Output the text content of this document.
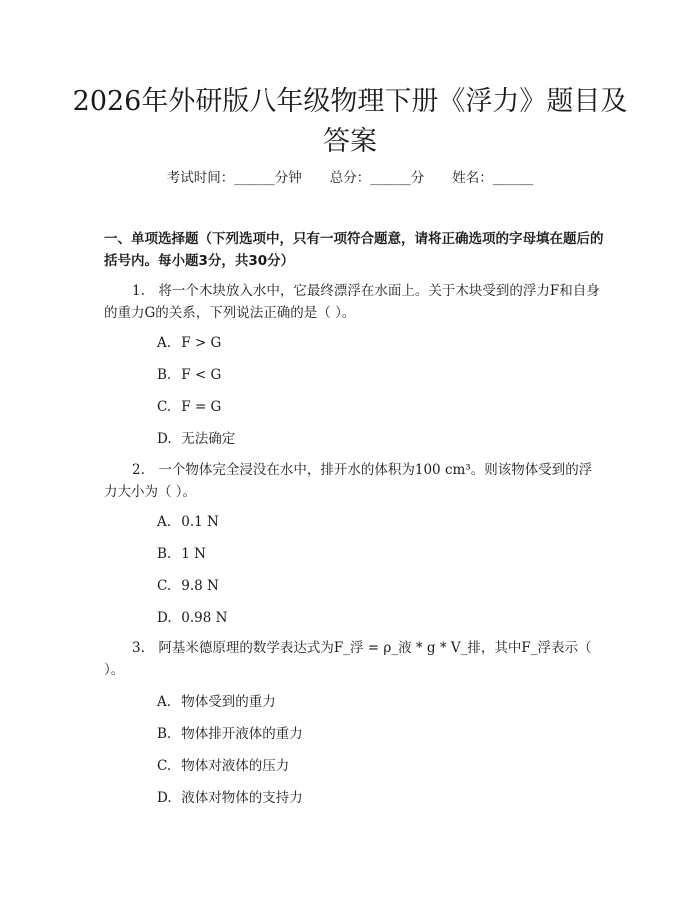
2026年外研版八年级物理下册《浮力》题目及答案
考试时间：______分钟 总分：______分 姓名：______

一、单项选择题（下列选项中，只有一项符合题意，请将正确选项的字母填在题后的括号内。每小题3分，共30分）

1.　将一个木块放入水中，它最终漂浮在水面上。关于木块受到的浮力F和自身的重力G的关系，下列说法正确的是（ ）。

A. F > G

B. F < G

C. F = G

D. 无法确定

2.　一个物体完全浸没在水中，排开水的体积为100 cm³。则该物体受到的浮力大小为（ ）。

A. 0.1 N

B. 1 N

C. 9.8 N

D. 0.98 N

3.　阿基米德原理的数学表达式为F_浮 = ρ_液 * g * V_排，其中F_浮表示（ ）。

A. 物体受到的重力

B. 物体排开液体的重力

C. 物体对液体的压力

D. 液体对物体的支持力
